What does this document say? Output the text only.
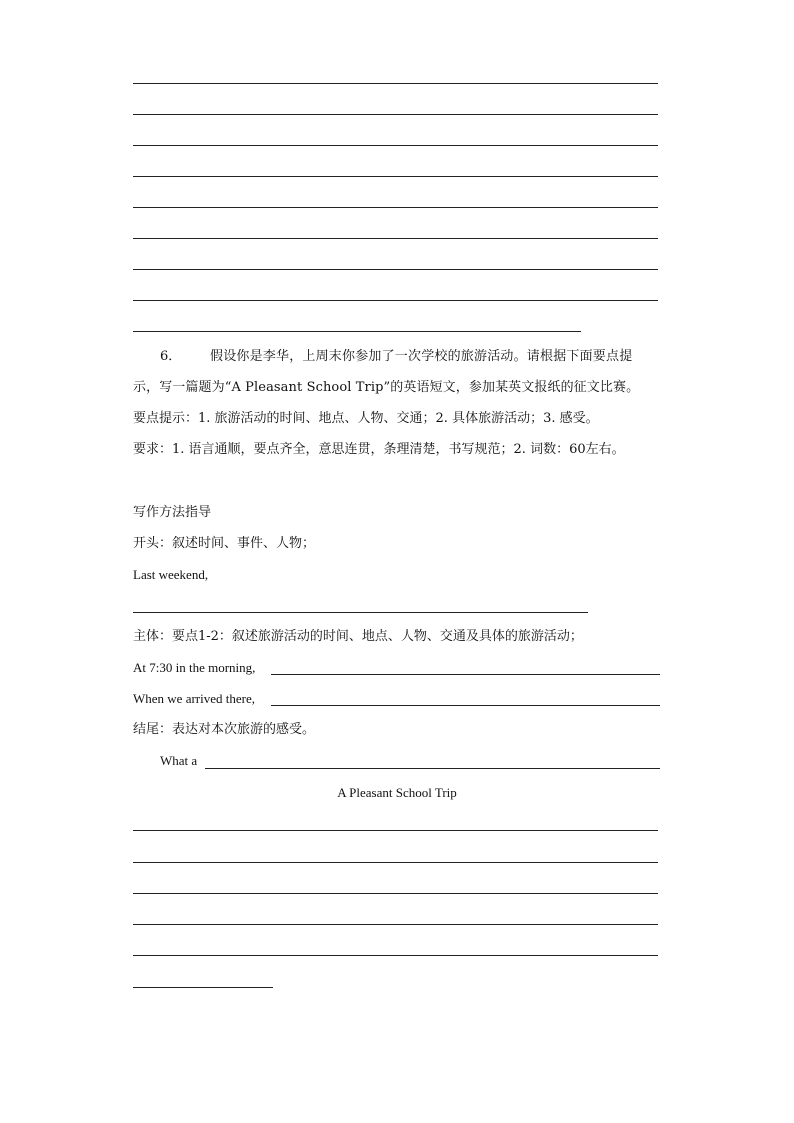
6． 假设你是李华，上周末你参加了一次学校的旅游活动。请根据下面要点提
示，写一篇题为“A Pleasant School Trip”的英语短文，参加某英文报纸的征文比赛。
要点提示：1. 旅游活动的时间、地点、人物、交通；2. 具体旅游活动；3. 感受。
要求：1. 语言通顺，要点齐全，意思连贯，条理清楚，书写规范；2. 词数：60左右。
写作方法指导
开头：叙述时间、事件、人物；
Last weekend,
主体：要点1-2：叙述旅游活动的时间、地点、人物、交通及具体的旅游活动；
At 7:30 in the morning,
When we arrived there,
结尾：表达对本次旅游的感受。
What a
A Pleasant School Trip
